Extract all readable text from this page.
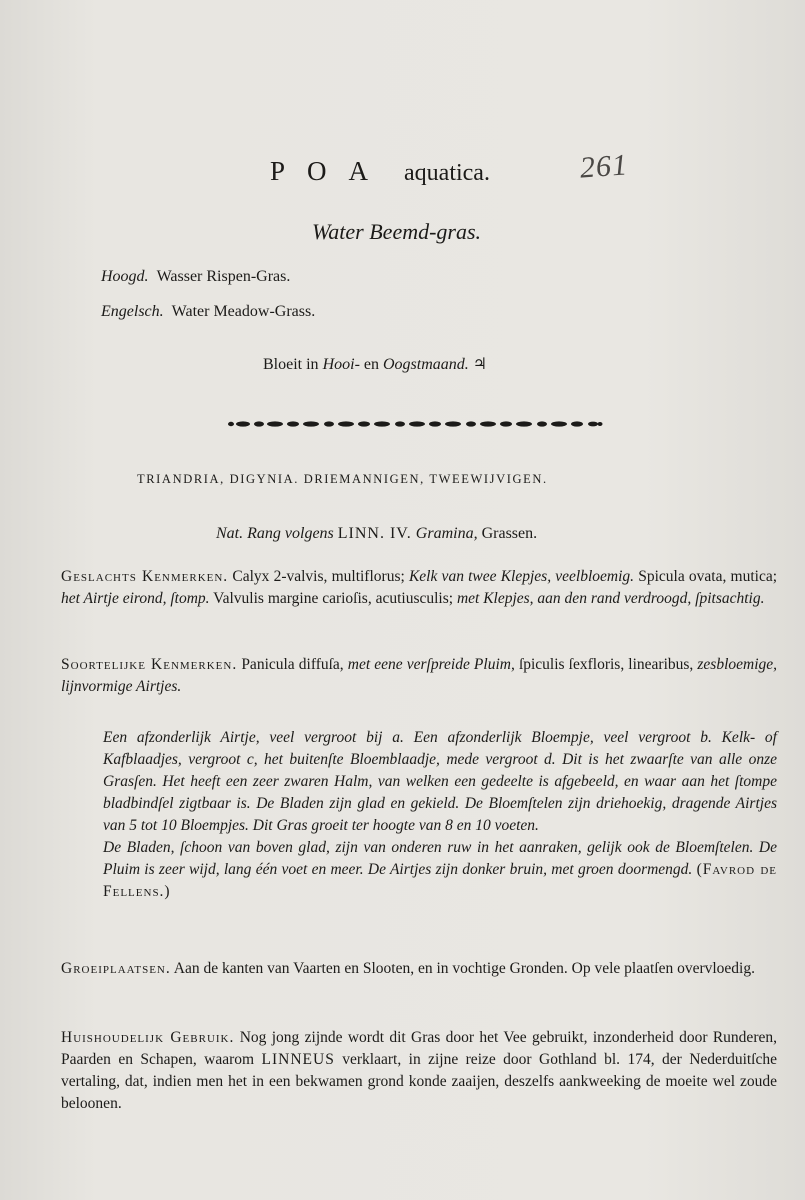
POA aquatica.	261
Water Beemd-gras.
Hoogd. Wasser Rispen-Gras.
Engelsch. Water Meadow-Grass.
Bloeit in Hooi- en Oogstmaand. ♃
TRIANDRIA, DIGYNIA. DRIEMANNIGEN, TWEEWIJVIGEN.
Nat. Rang volgens LINN. IV. Gramina, Grassen.
Geslachts Kenmerken. Calyx 2-valvis, multiflorus; Kelk van twee Klepjes, veelbloemig. Spicula ovata, mutica; het Airtje eirond, ſtomp. Valvulis margine carioſis, acutiusculis; met Klepjes, aan den rand verdroogd, ſpitsachtig.
Soortelijke Kenmerken. Panicula diffuſa, met eene verſpreide Pluim, ſpiculis ſexfloris, linearibus, zesbloemige, lijnvormige Airtjes.
Een afzonderlijk Airtje, veel vergroot bij a. Een afzonderlijk Bloempje, veel vergroot b. Kelk- of Kafblaadjes, vergroot c, het buitenſte Bloemblaadje, mede vergroot d. Dit is het zwaarſte van alle onze Grasſen. Het heeft een zeer zwaren Halm, van welken een gedeelte is afgebeeld, en waar aan het ſtompe bladbindſel zigtbaar is. De Bladen zijn glad en gekield. De Bloemſtelen zijn driehoekig, dragende Airtjes van 5 tot 10 Bloempjes. Dit Gras groeit ter hoogte van 8 en 10 voeten.
De Bladen, ſchoon van boven glad, zijn van onderen ruw in het aanraken, gelijk ook de Bloemſtelen. De Pluim is zeer wijd, lang één voet en meer. De Airtjes zijn donker bruin, met groen doormengd. (Favrod de Fellens.)
Groeiplaatsen. Aan de kanten van Vaarten en Slooten, en in vochtige Gronden. Op vele plaatſen overvloedig.
Huishoudelijk Gebruik. Nog jong zijnde wordt dit Gras door het Vee gebruikt, inzonderheid door Runderen, Paarden en Schapen, waarom LINNEUS verklaart, in zijne reize door Gothland bl. 174, der Nederduitſche vertaling, dat, indien men het in een bekwamen grond konde zaaijen, deszelfs aankweeking de moeite wel zoude beloonen.
